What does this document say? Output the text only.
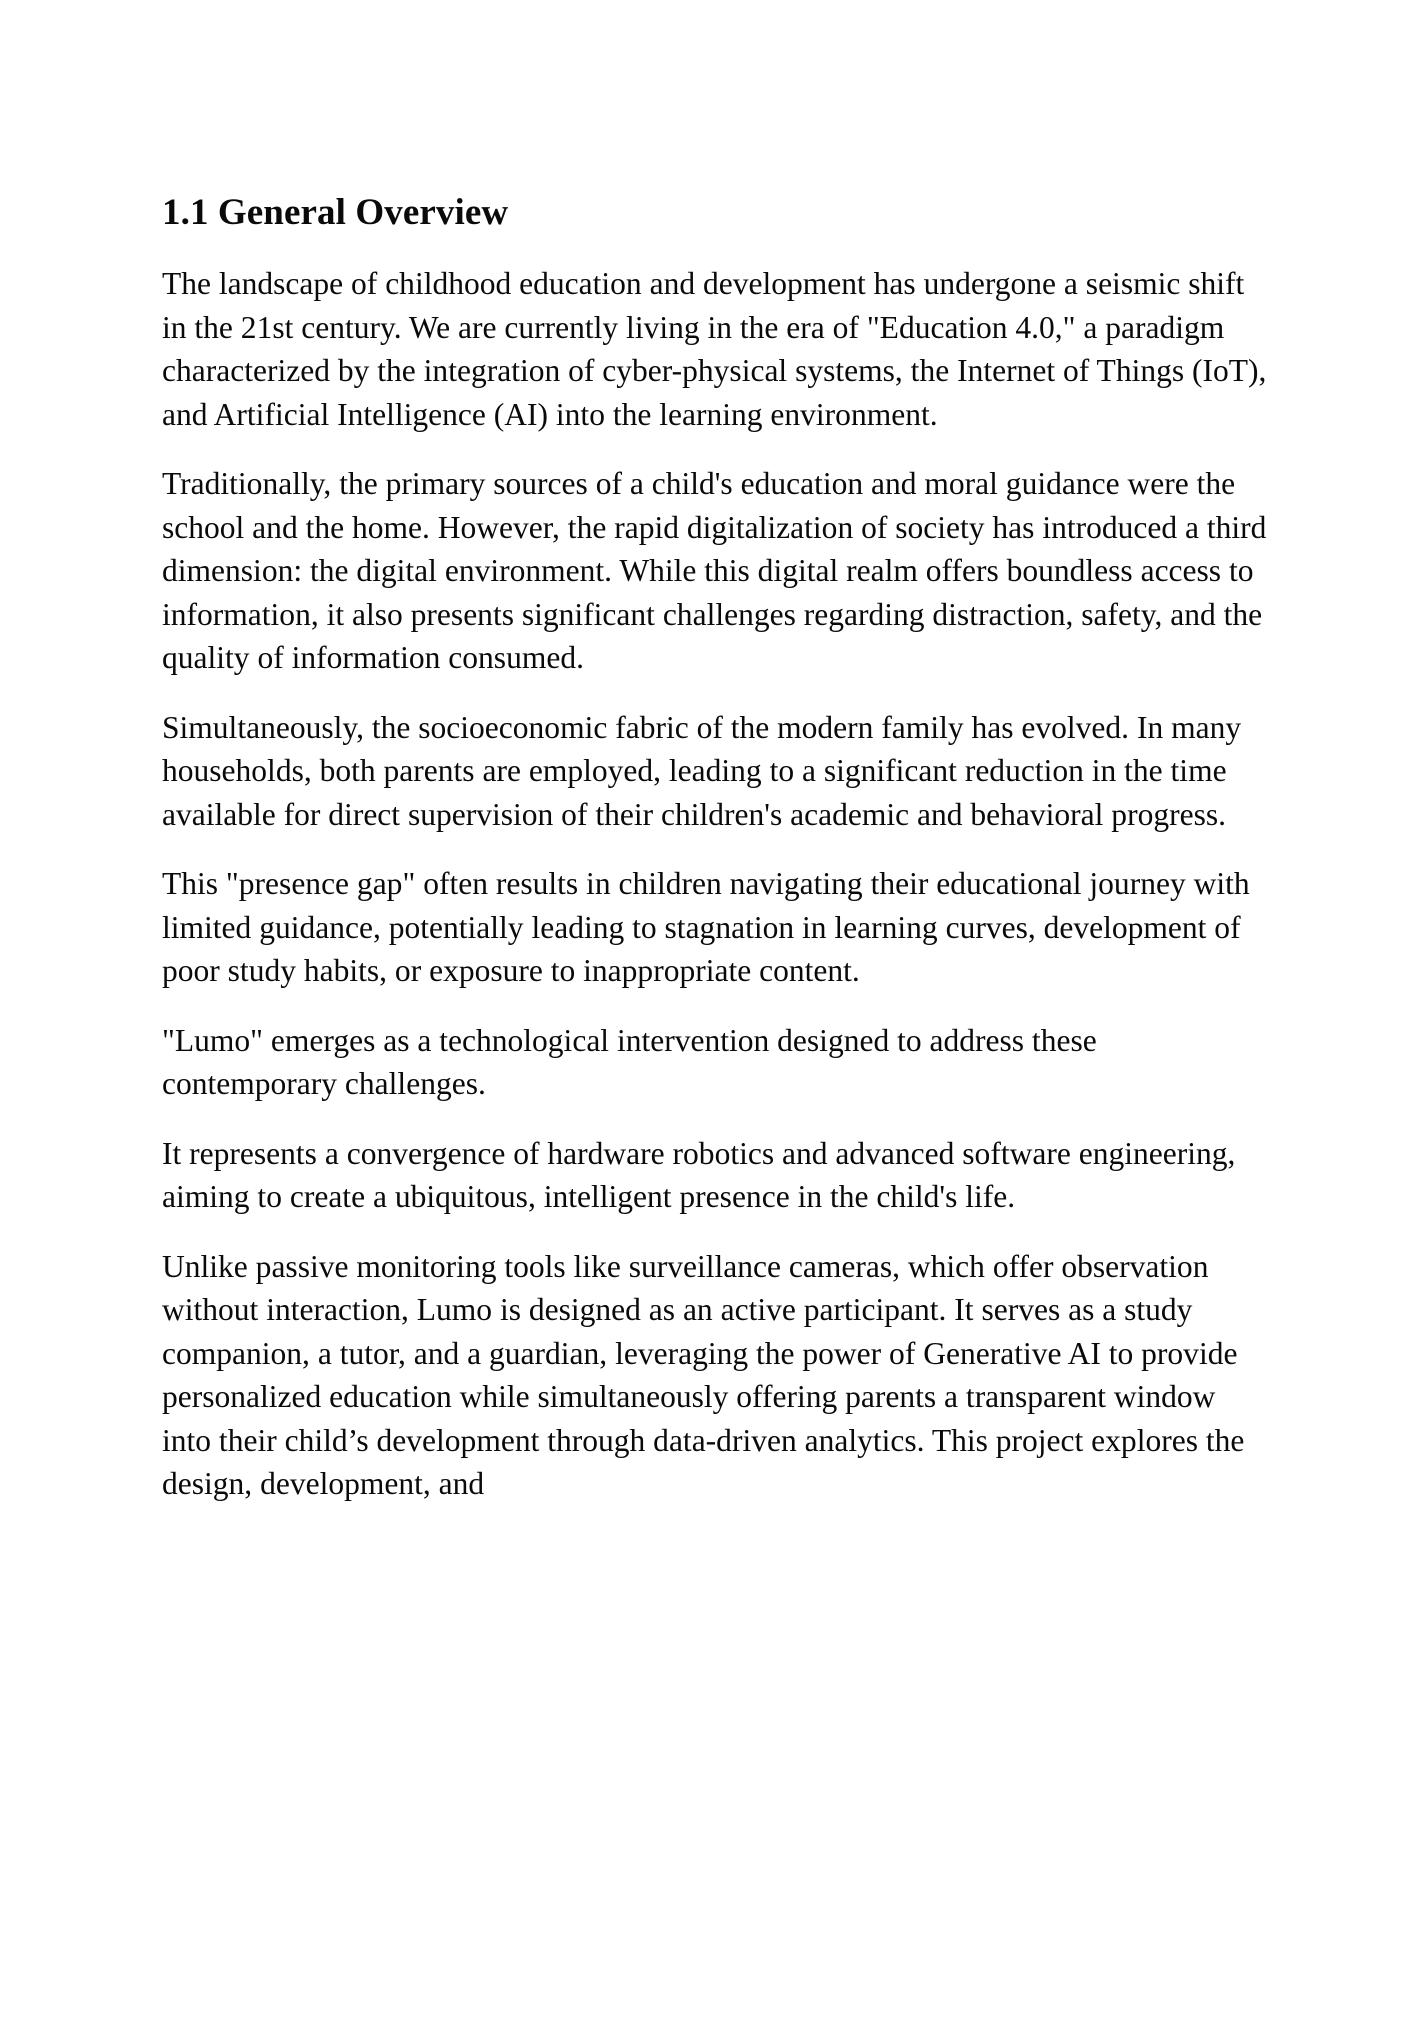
1.1 General Overview

The landscape of childhood education and development has undergone a seismic shift in the 21st century. We are currently living in the era of "Education 4.0," a paradigm characterized by the integration of cyber-physical systems, the Internet of Things (IoT), and Artificial Intelligence (AI) into the learning environment.

Traditionally, the primary sources of a child's education and moral guidance were the school and the home. However, the rapid digitalization of society has introduced a third dimension: the digital environment. While this digital realm offers boundless access to information, it also presents significant challenges regarding distraction, safety, and the quality of information consumed.

Simultaneously, the socioeconomic fabric of the modern family has evolved. In many households, both parents are employed, leading to a significant reduction in the time available for direct supervision of their children's academic and behavioral progress.

This "presence gap" often results in children navigating their educational journey with limited guidance, potentially leading to stagnation in learning curves, development of poor study habits, or exposure to inappropriate content.

"Lumo" emerges as a technological intervention designed to address these contemporary challenges.

It represents a convergence of hardware robotics and advanced software engineering, aiming to create a ubiquitous, intelligent presence in the child's life.

Unlike passive monitoring tools like surveillance cameras, which offer observation without interaction, Lumo is designed as an active participant. It serves as a study companion, a tutor, and a guardian, leveraging the power of Generative AI to provide personalized education while simultaneously offering parents a transparent window into their child’s development through data-driven analytics. This project explores the design, development, and
